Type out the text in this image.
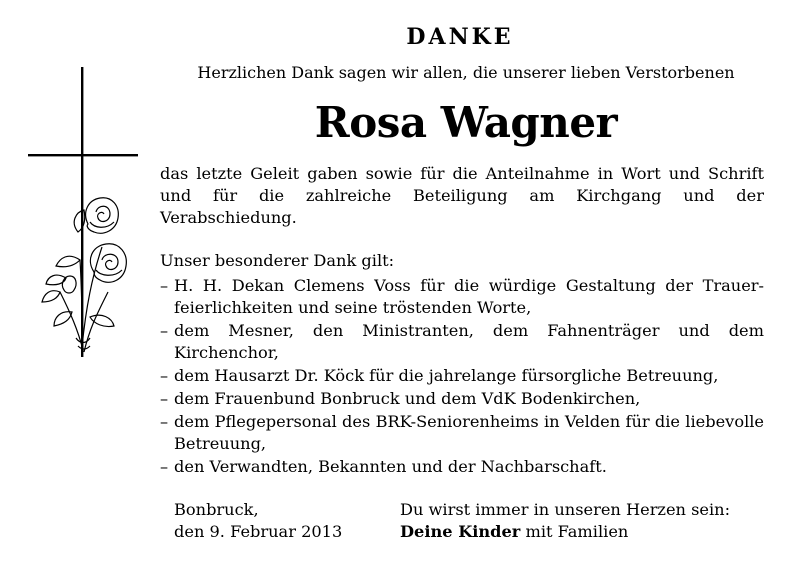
DANKE
Herzlichen Dank sagen wir allen, die unserer lieben Verstorbenen
Rosa Wagner
das letzte Geleit gaben sowie für die Anteilnahme in Wort und Schrift und für die zahlreiche Beteiligung am Kirchgang und der Verabschiedung.
Unser besonderer Dank gilt:
– H. H. Dekan Clemens Voss für die würdige Gestaltung der Trauerfeierlichkeiten und seine tröstenden Worte,
– dem Mesner, den Ministranten, dem Fahnenträger und dem Kirchenchor,
– dem Hausarzt Dr. Köck für die jahrelange fürsorgliche Betreuung,
– dem Frauenbund Bonbruck und dem VdK Bodenkirchen,
– dem Pflegepersonal des BRK-Seniorenheims in Velden für die liebevolle Betreuung,
– den Verwandten, Bekannten und der Nachbarschaft.
Bonbruck,
den 9. Februar 2013
Du wirst immer in unseren Herzen sein:
Deine Kinder mit Familien
